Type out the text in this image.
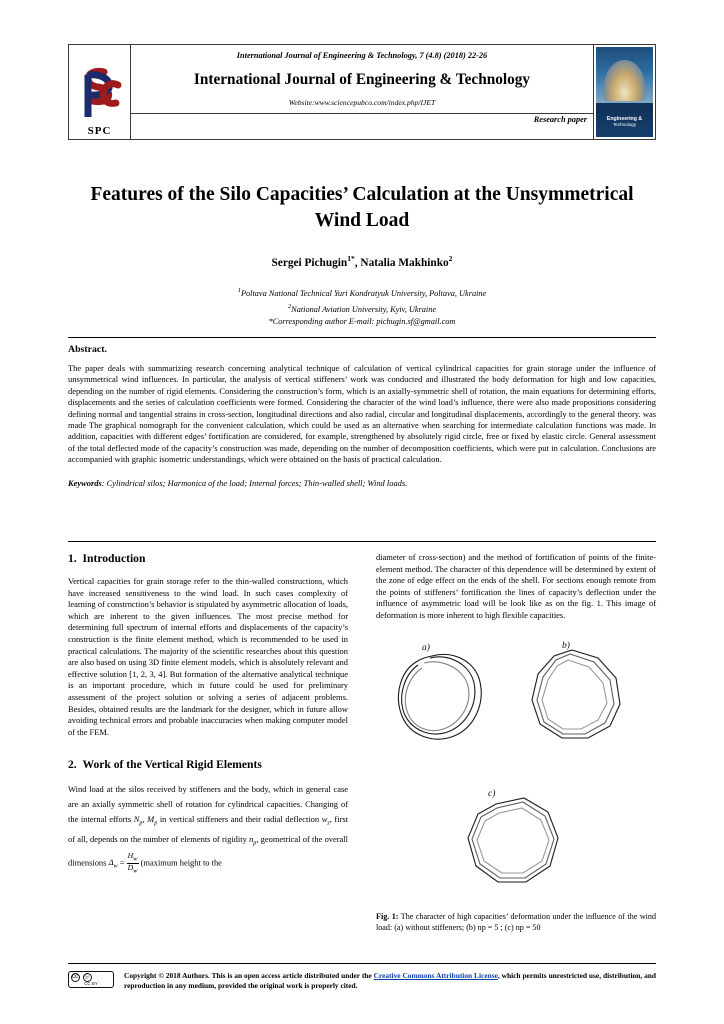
SPC
International Journal of Engineering & Technology, 7 (4.8) (2018) 22-26
International Journal of Engineering & Technology
Website:www.sciencepubco.com/index.php/IJET
Research paper	Engineering &
Technology
Features of the Silo Capacities’ Calculation at the Unsymmetrical Wind Load
Sergei Pichugin$^{1*}$, Natalia Makhinko$^2$
$^1$Poltava National Technical Yuri Kondratyuk University, Poltava, Ukraine
$^2$National Aviation University, Kyiv, Ukraine
*Corresponding author E-mail: pichugin.sf@gmail.com
Abstract.
The paper deals with summarizing research concerning analytical technique of calculation of vertical cylindrical capacities for grain storage under the influence of unsymmetrical wind influences. In particular, the analysis of vertical stiffeners’ work was conducted and illustrated the body deformation for high and low capacities, depending on the number of rigid elements. Considering the construction’s form, which is an axially-symmetric shell of rotation, the main equations for determining efforts, displacements and the series of calculation coefficients were formed. Considering the character of the wind load’s influence, there were also made propositions considering defining normal and tangential strains in cross-section, longitudinal directions and also radial, circular and longitudinal displacements, accordingly to the general theory. was made The graphical nomograph for the convenient calculation, which could be used as an alternative when searching for intermediate calculation functions was made. In addition, capacities with different edges’ fortification are considered, for example, strengthened by absolutely rigid circle, free or fixed by elastic circle. General assessment of the total deflected mode of the capacity’s construction was made, depending on the number of decomposition coefficients, which were put in calculation. Conclusions are accompanied with graphic isometric understandings, which were obtained on the basis of practical calculation.
Keywords: Cylindrical silos; Harmonica of the load; Internal forces; Thin-walled shell; Wind loads.
1. Introduction

Vertical capacities for grain storage refer to the thin-walled constructions, which have increased sensitiveness to the wind load. In such cases complexity of learning of constrnction’s behavior is stipulated by asymmetric allocation of loads, which are inherent to the given influences. The most precise method for determining full spectrum of internal efforts and displacements of the capacity’s construction is the finite element method, which is recommended to be used in practical calculations. The majority of the scientific researches about this question are also based on using 3D finite element models, which is absolutely relevant and effective solution [1, 2, 3, 4]. But formation of the alternative analytical technique is an important procedure, which in future could be used for preliminary assessment of the project solution or solving a series of adjacent problems. Besides, obtained results are the landmark for the designer, which in future allow avoiding technical errors and probable inaccuracies when making computer model of the FEM.

2. Work of the Vertical Rigid Elements

Wind load at the silos received by stiffeners and the body, which in general case are an axially symmetric shell of rotation for cylindrical capacities. Changing of the internal efforts $N_p$, $M_p$ in vertical stiffeners and their radial deflection $w_z$, first of all, depends on the number of elements of rigidity $n_p$, geometrical of the overall dimensions $\Delta_w = \frac{H_w}{D_w}$ (maximum height to the

diameter of cross-section) and the method of fortification of points of the finite-element method. The character of this dependence will be determined by extent of the zone of edge effect on the ends of the shell. For sections enough remote from the points of stiffeners’ fortification the lines of capacity’s deflection under the influence of asymmetric load will be look like as on the fig. 1. This image of deformation is more inherent to high flexible capacities.

a)	b)
c)
Fig. 1: The character of high capacities’ deformation under the influence of the wind load: (a) without stiffeners; (b) np = 5 ; (c) np = 50
cc ☉
CC BY
Copyright © 2018 Authors. This is an open access article distributed under the Creative Commons Attribution License, which permits unrestricted use, distribution, and reproduction in any medium, provided the original work is properly cited.
